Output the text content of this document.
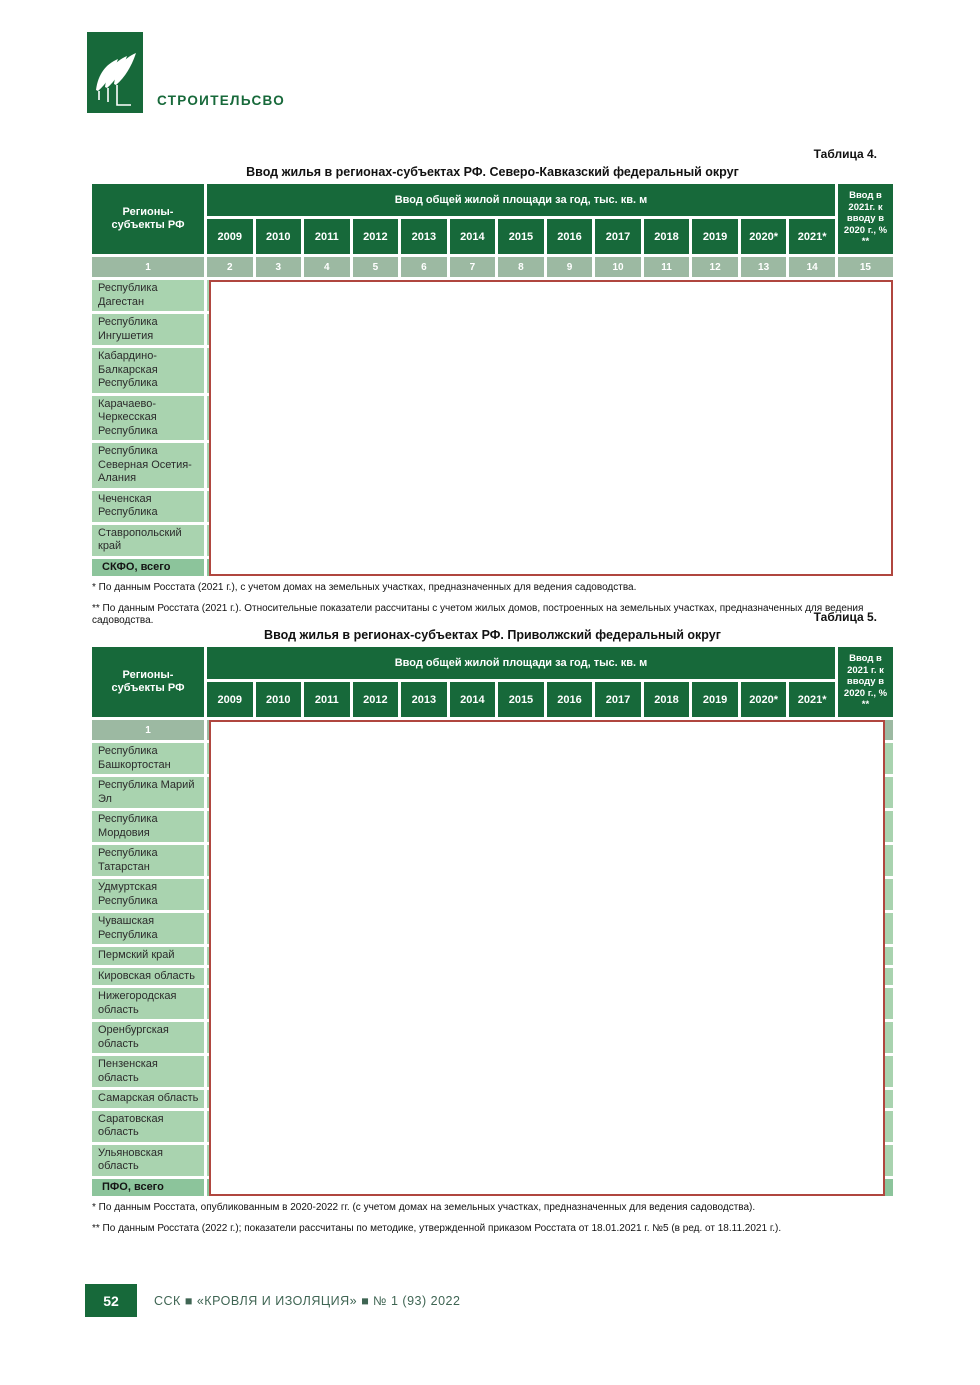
СТРОИТЕЛЬСВО
Таблица 4.
Ввод жилья в регионах-субъектах РФ. Северо-Кавказский федеральный округ
Регионы-субъекты РФ
Ввод общей жилой площади за год, тыс. кв. м
2009	2010	2011	2012	2013	2014	2015	2016	2017	2018	2019	2020*	2021*
Ввод в 2021г. к вводу в 2020 г., % **
1	2	3	4	5	6	7	8	9	10	11	12	13	14	15
Республика Дагестан
Республика Ингушетия
Кабардино-Балкарская Республика
Карачаево-Черкесская Республика
Республика Северная Осетия-Алания
Чеченская Республика
Ставропольский край
СКФО, всего
* По данным Росстата (2021 г.), с учетом домах на земельных участках, предназначенных для ведения садоводства.
** По данным Росстата (2021 г.). Относительные показатели рассчитаны с учетом жилых домов, построенных на земельных участках, предназначенных для ведения садоводства.	Таблица 5.
Ввод жилья в регионах-субъектах РФ. Приволжский федеральный округ
Регионы-субъекты РФ
Ввод общей жилой площади за год, тыс. кв. м
2009	2010	2011	2012	2013	2014	2015	2016	2017	2018	2019	2020*	2021*
Ввод в 2021 г. к вводу в 2020 г., % **
1
Республика Башкортостан
Республика Марий Эл
Республика Мордовия
Республика Татарстан
Удмуртская Республика
Чувашская Республика
Пермский край
Кировская область
Нижегородская область
Оренбургская область
Пензенская область
Самарская область
Саратовская область
Ульяновская область
ПФО, всего
* По данным Росстата, опубликованным в 2020-2022 гг. (с учетом домах на земельных участках, предназначенных для ведения садоводства).
** По данным Росстата (2022 г.); показатели рассчитаны по методике, утвержденной приказом Росстата от 18.01.2021 г. №5 (в ред. от 18.11.2021 г.).
52	ССК ■ «КРОВЛЯ И ИЗОЛЯЦИЯ» ■ № 1 (93) 2022
